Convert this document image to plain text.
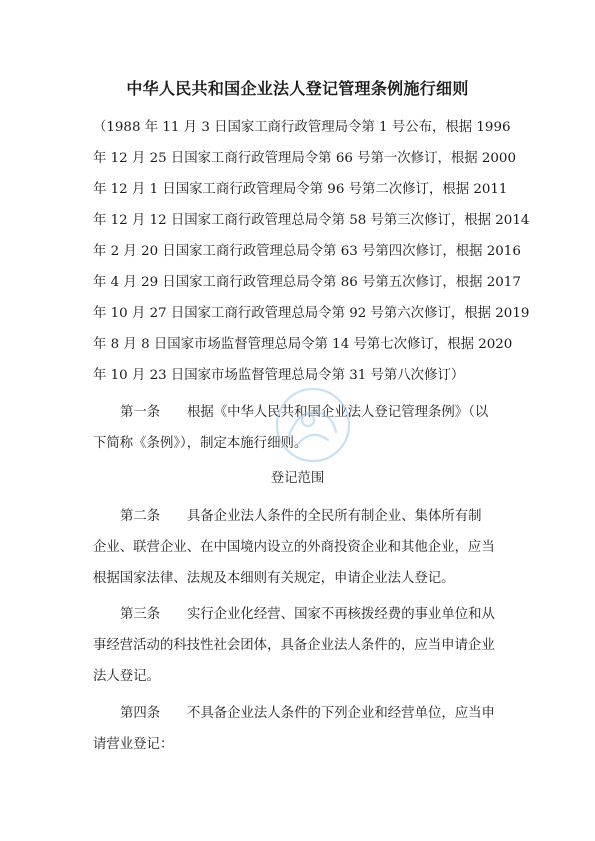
中华人民共和国企业法人登记管理条例施行细则
（1988 年 11 月 3 日国家工商行政管理局令第 1 号公布，根据 1996
年 12 月 25 日国家工商行政管理局令第 66 号第一次修订，根据 2000
年 12 月 1 日国家工商行政管理局令第 96 号第二次修订，根据 2011
年 12 月 12 日国家工商行政管理总局令第 58 号第三次修订，根据 2014
年 2 月 20 日国家工商行政管理总局令第 63 号第四次修订，根据 2016
年 4 月 29 日国家工商行政管理总局令第 86 号第五次修订，根据 2017
年 10 月 27 日国家工商行政管理总局令第 92 号第六次修订，根据 2019
年 8 月 8 日国家市场监督管理总局令第 14 号第七次修订，根据 2020
年 10 月 23 日国家市场监督管理总局令第 31 号第八次修订）
第一条　　根据《中华人民共和国企业法人登记管理条例》（以
下简称《条例》），制定本施行细则。
登记范围
第二条　　具备企业法人条件的全民所有制企业、集体所有制
企业、联营企业、在中国境内设立的外商投资企业和其他企业，应当
根据国家法律、法规及本细则有关规定，申请企业法人登记。
第三条　　实行企业化经营、国家不再核拨经费的事业单位和从
事经营活动的科技性社会团体，具备企业法人条件的，应当申请企业
法人登记。
第四条　　不具备企业法人条件的下列企业和经营单位，应当申
请营业登记：
